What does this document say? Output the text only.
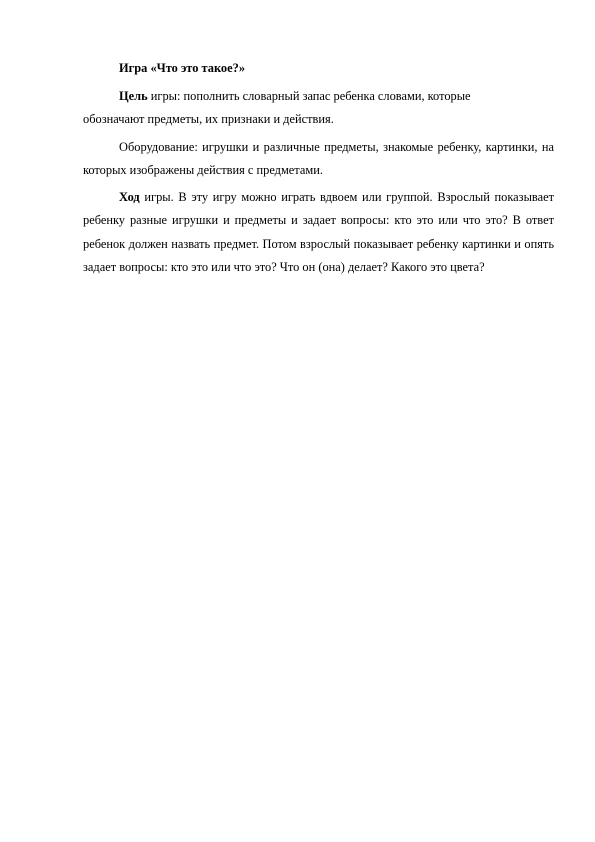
Игра «Что это такое?»

Цель игры: пополнить словарный запас ребенка словами, которые
обозначают предметы, их признаки и действия.

Оборудование: игрушки и различные предметы, знакомые ребенку, картинки, на которых изображены действия с предметами.

Ход игры. В эту игру можно играть вдвоем или группой. Взрослый показывает ребенку разные игрушки и предметы и задает вопросы: кто это или что это? В ответ ребенок должен назвать предмет. Потом взрослый показывает ребенку картинки и опять задает вопросы: кто это или что это? Что он (она) делает? Какого это цвета?
